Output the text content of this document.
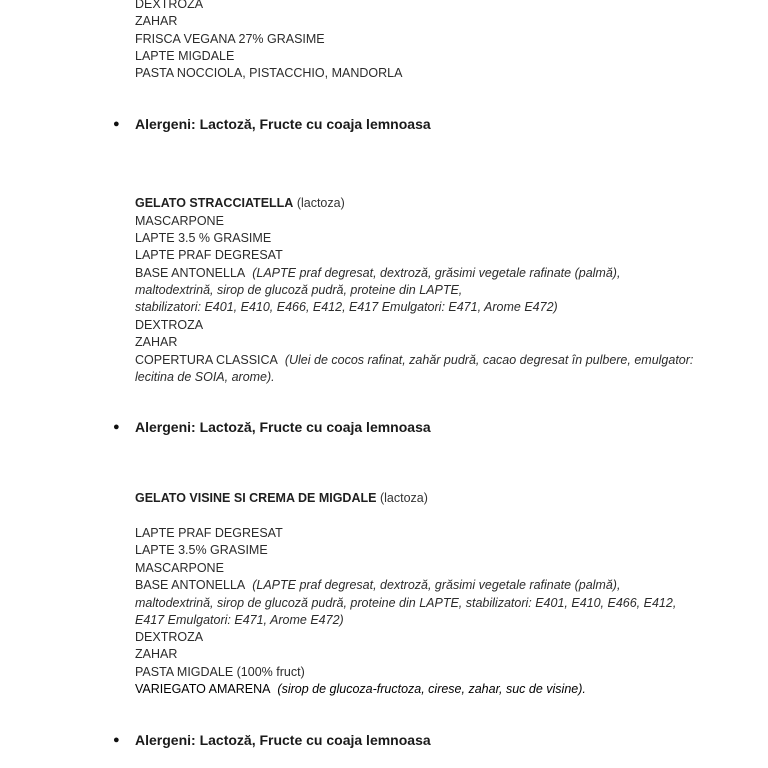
DEXTROZA
ZAHAR
FRISCA VEGANA 27% GRASIME
LAPTE MIGDALE
PASTA NOCCIOLA, PISTACCHIO, MANDORLA
● Alergeni: Lactoză, Fructe cu coaja lemnoasa
GELATO STRACCIATELLA (lactoza)
MASCARPONE
LAPTE 3.5 % GRASIME
LAPTE PRAF DEGRESAT
BASE ANTONELLA (LAPTE praf degresat, dextroză, grăsimi vegetale rafinate (palmă),
maltodextrină, sirop de glucoză pudră, proteine din LAPTE,
stabilizatori: E401, E410, E466, E412, E417 Emulgatori: E471, Arome E472)
DEXTROZA
ZAHAR
COPERTURA CLASSICA (Ulei de cocos rafinat, zahăr pudră, cacao degresat în pulbere, emulgator:
lecitina de SOIA, arome).
● Alergeni: Lactoză, Fructe cu coaja lemnoasa
GELATO VISINE SI CREMA DE MIGDALE (lactoza)
LAPTE PRAF DEGRESAT
LAPTE 3.5% GRASIME
MASCARPONE
BASE ANTONELLA (LAPTE praf degresat, dextroză, grăsimi vegetale rafinate (palmă),
maltodextrină, sirop de glucoză pudră, proteine din LAPTE, stabilizatori: E401, E410, E466, E412,
E417 Emulgatori: E471, Arome E472)
DEXTROZA
ZAHAR
PASTA MIGDALE (100% fruct)
VARIEGATO AMARENA (sirop de glucoza-fructoza, cirese, zahar, suc de visine).
● Alergeni: Lactoză, Fructe cu coaja lemnoasa
